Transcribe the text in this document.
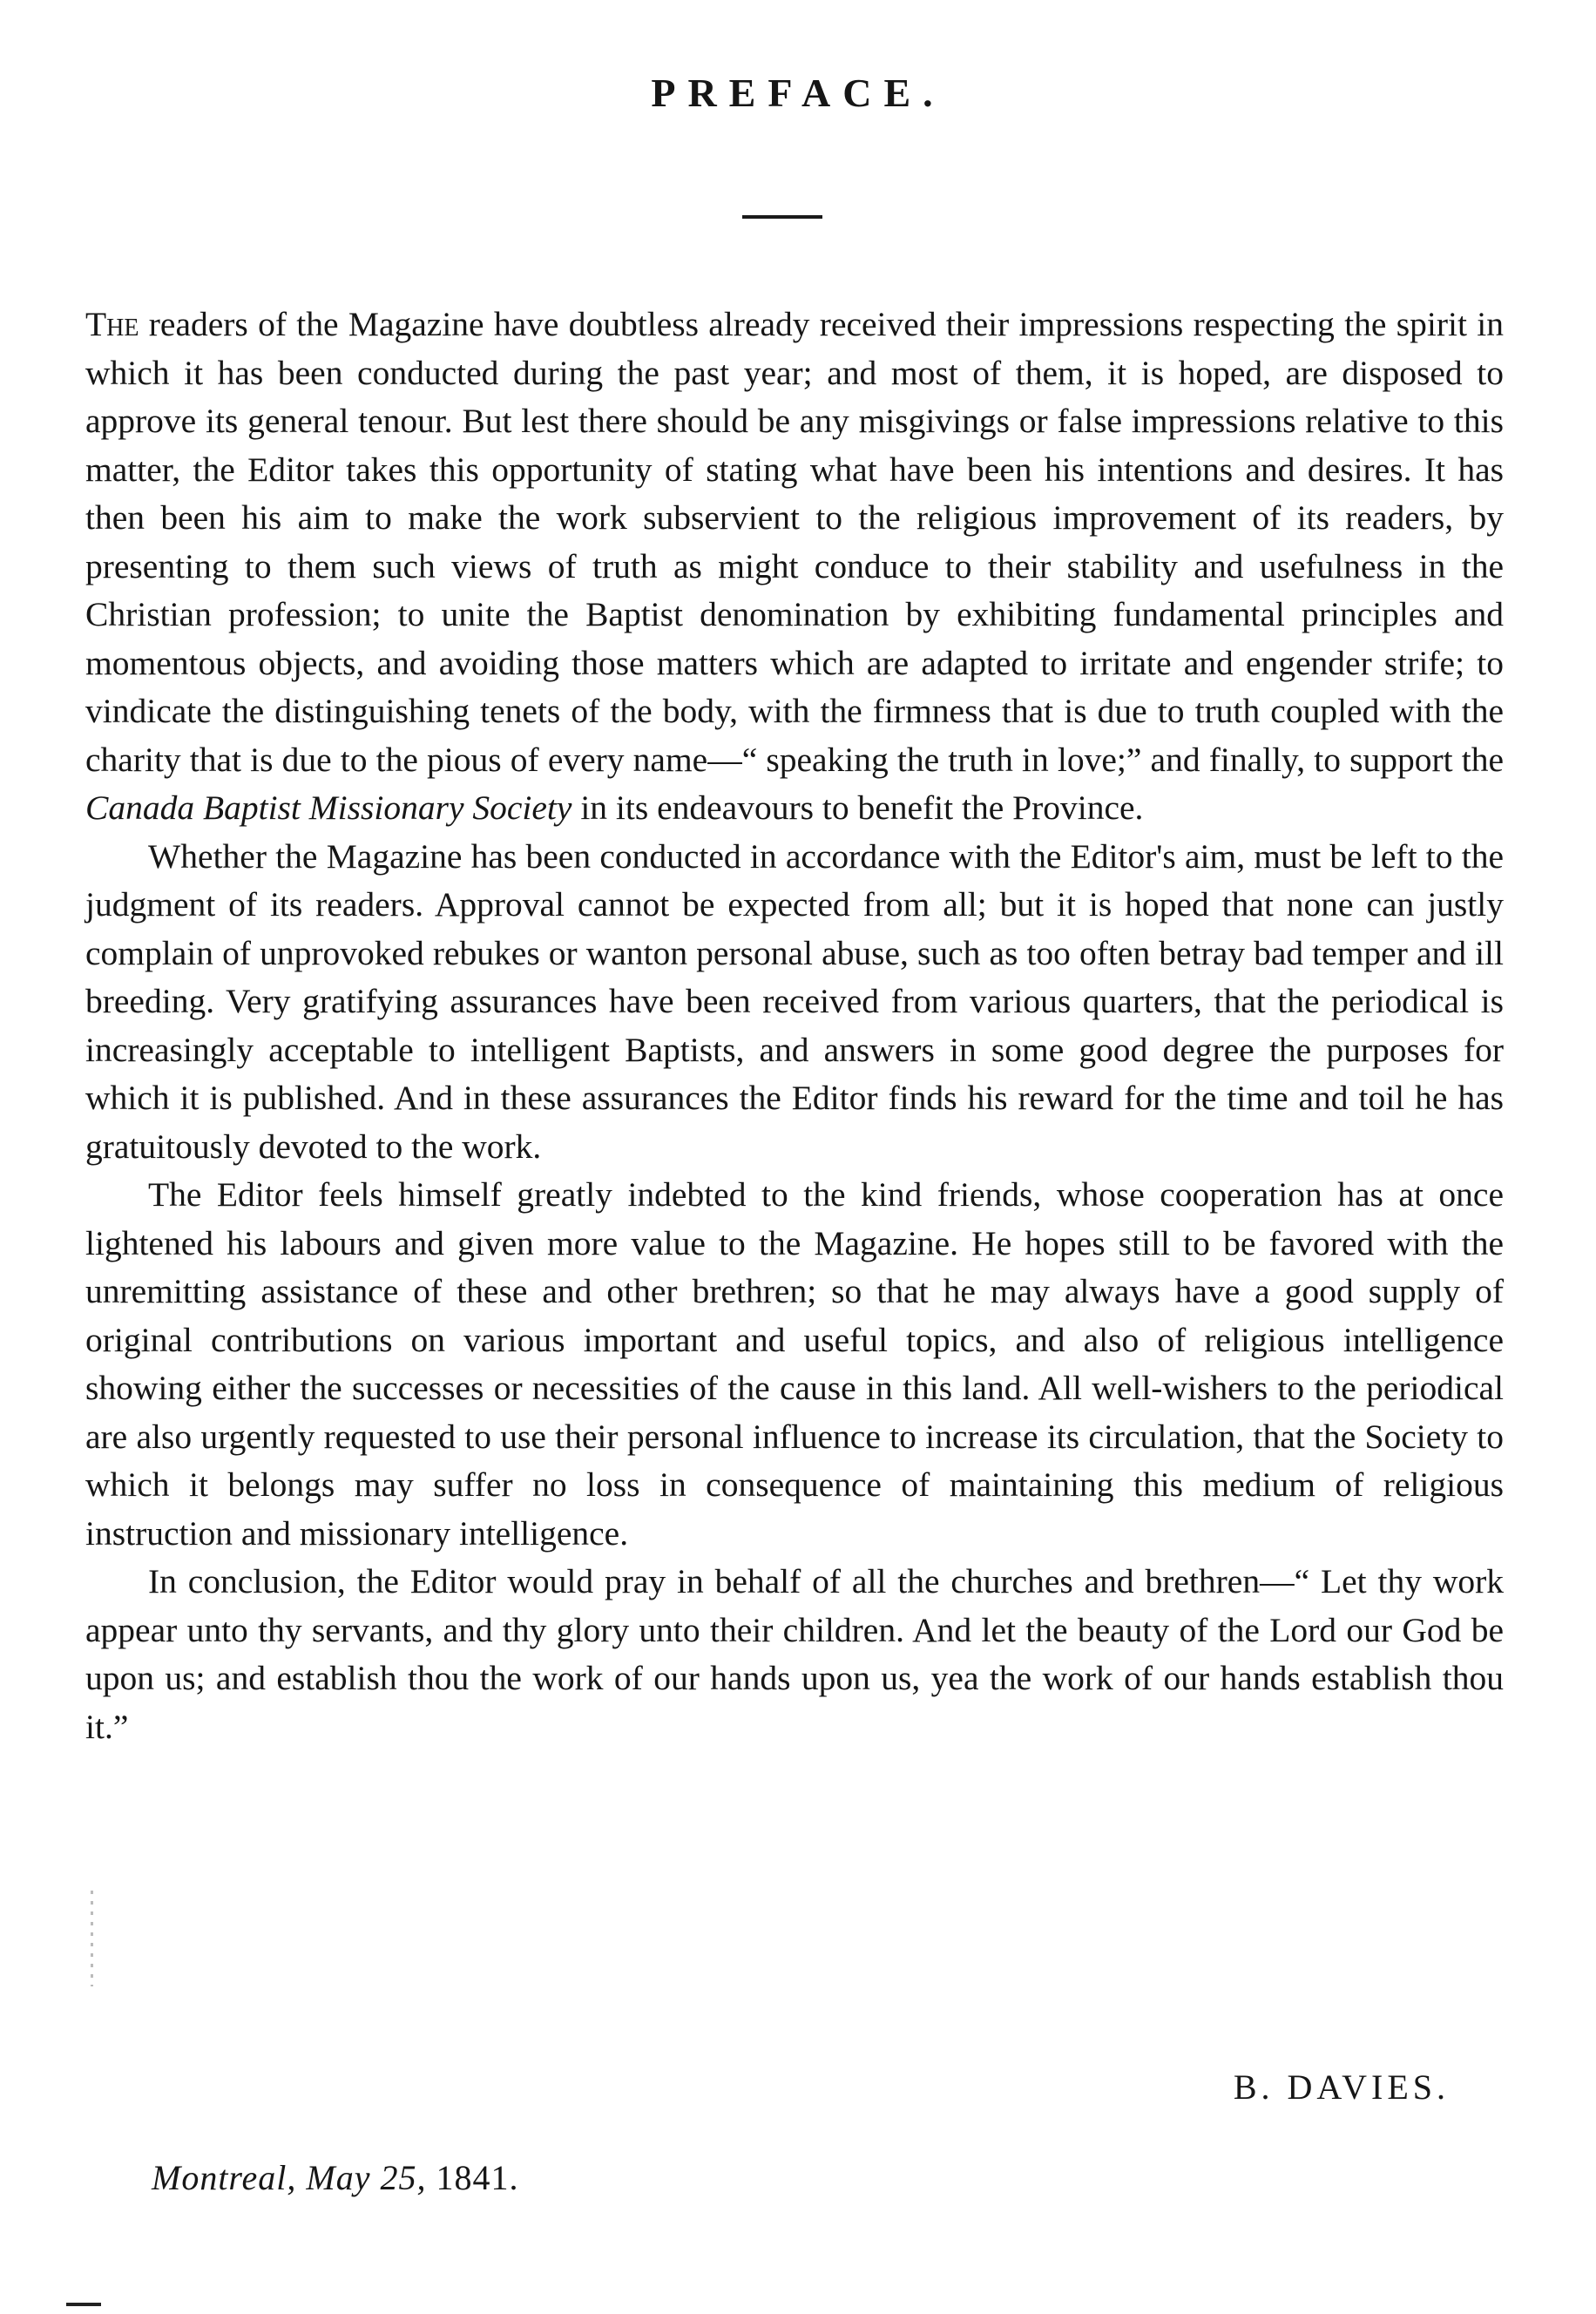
PREFACE.

The readers of the Magazine have doubtless already received their impressions respecting the spirit in which it has been conducted during the past year; and most of them, it is hoped, are disposed to approve its general tenour. But lest there should be any misgivings or false impressions relative to this matter, the Editor takes this opportunity of stating what have been his intentions and desires. It has then been his aim to make the work subservient to the religious improvement of its readers, by presenting to them such views of truth as might conduce to their stability and usefulness in the Christian profession; to unite the Baptist denomination by exhibiting fundamental principles and momentous objects, and avoiding those matters which are adapted to irritate and engender strife; to vindicate the distinguishing tenets of the body, with the firmness that is due to truth coupled with the charity that is due to the pious of every name—“ speaking the truth in love;” and finally, to support the Canada Baptist Missionary Society in its endeavours to benefit the Province.

Whether the Magazine has been conducted in accordance with the Editor's aim, must be left to the judgment of its readers. Approval cannot be expected from all; but it is hoped that none can justly complain of unprovoked rebukes or wanton personal abuse, such as too often betray bad temper and ill breeding. Very gratifying assurances have been received from various quarters, that the periodical is increasingly acceptable to intelligent Baptists, and answers in some good degree the purposes for which it is published. And in these assurances the Editor finds his reward for the time and toil he has gratuitously devoted to the work.

The Editor feels himself greatly indebted to the kind friends, whose cooperation has at once lightened his labours and given more value to the Magazine. He hopes still to be favored with the unremitting assistance of these and other brethren; so that he may always have a good supply of original contributions on various important and useful topics, and also of religious intelligence showing either the successes or necessities of the cause in this land. All well-wishers to the periodical are also urgently requested to use their personal influence to increase its circulation, that the Society to which it belongs may suffer no loss in consequence of maintaining this medium of religious instruction and missionary intelligence.

In conclusion, the Editor would pray in behalf of all the churches and brethren—“ Let thy work appear unto thy servants, and thy glory unto their children. And let the beauty of the Lord our God be upon us; and establish thou the work of our hands upon us, yea the work of our hands establish thou it.”

B. DAVIES.
Montreal, May 25, 1841.
